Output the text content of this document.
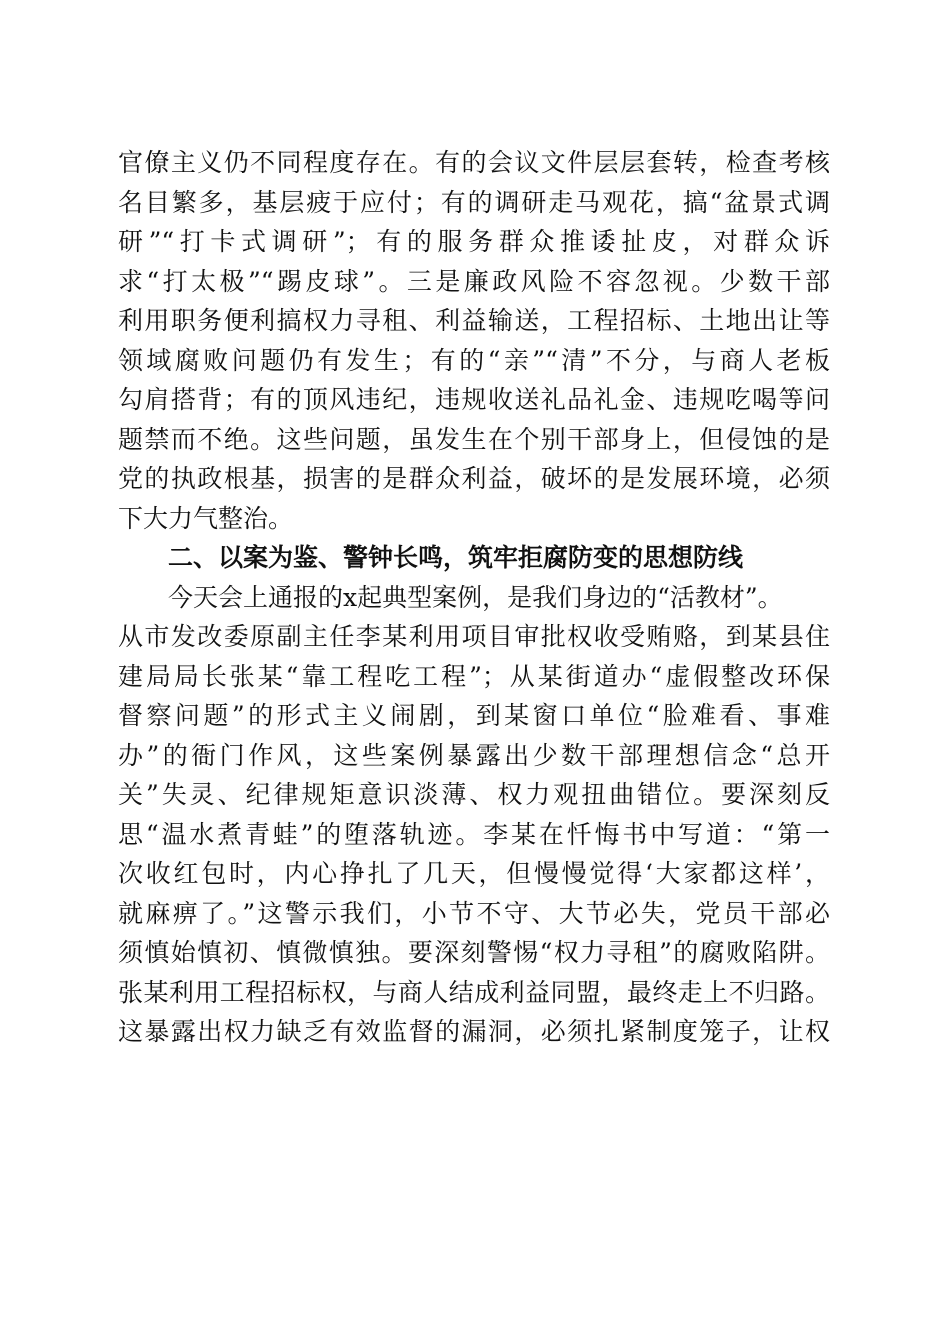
官僚主义仍不同程度存在。有的会议文件层层套转，检查考核
名目繁多，基层疲于应付；有的调研走马观花，搞“盆景式调
研”“打卡式调研”；有的服务群众推诿扯皮，对群众诉
求“打太极”“踢皮球”。三是廉政风险不容忽视。少数干部
利用职务便利搞权力寻租、利益输送，工程招标、土地出让等
领域腐败问题仍有发生；有的“亲”“清”不分，与商人老板
勾肩搭背；有的顶风违纪，违规收送礼品礼金、违规吃喝等问
题禁而不绝。这些问题，虽发生在个别干部身上，但侵蚀的是
党的执政根基，损害的是群众利益，破坏的是发展环境，必须
下大力气整治。
二、以案为鉴、警钟长鸣，筑牢拒腐防变的思想防线
今天会上通报的x起典型案例，是我们身边的“活教材”。
从市发改委原副主任李某利用项目审批权收受贿赂，到某县住
建局局长张某“靠工程吃工程”；从某街道办“虚假整改环保
督察问题”的形式主义闹剧，到某窗口单位“脸难看、事难
办”的衙门作风，这些案例暴露出少数干部理想信念“总开
关”失灵、纪律规矩意识淡薄、权力观扭曲错位。要深刻反
思“温水煮青蛙”的堕落轨迹。李某在忏悔书中写道：“第一
次收红包时，内心挣扎了几天，但慢慢觉得‘大家都这样’，
就麻痹了。”这警示我们，小节不守、大节必失，党员干部必
须慎始慎初、慎微慎独。要深刻警惕“权力寻租”的腐败陷阱。
张某利用工程招标权，与商人结成利益同盟，最终走上不归路。
这暴露出权力缺乏有效监督的漏洞，必须扎紧制度笼子，让权
